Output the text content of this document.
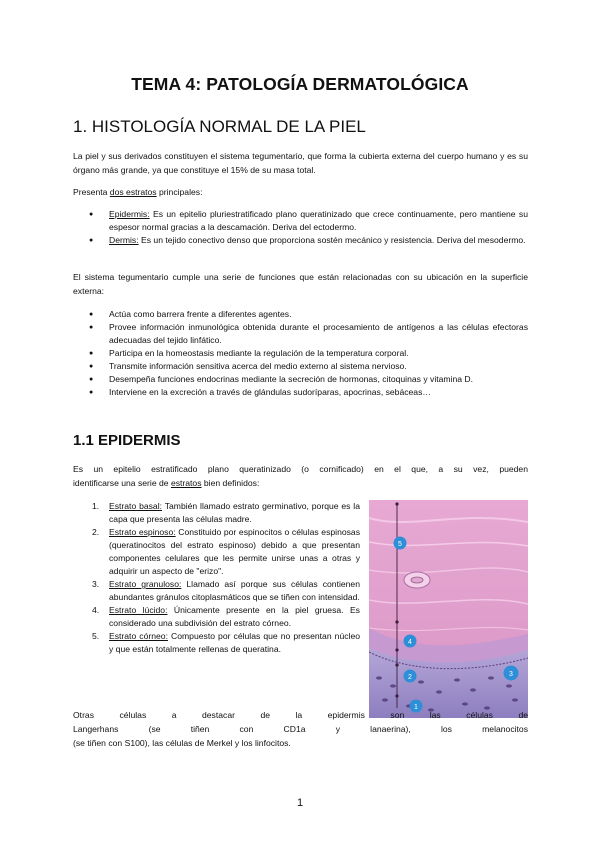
TEMA 4: PATOLOGÍA DERMATOLÓGICA
1. HISTOLOGÍA NORMAL DE LA PIEL

La piel y sus derivados constituyen el sistema tegumentario, que forma la cubierta externa del cuerpo humano y es su órgano más grande, ya que constituye el 15% de su masa total.

Presenta dos estratos principales:

● Epidermis: Es un epitelio pluriestratificado plano queratinizado que crece continuamente, pero mantiene su espesor normal gracias a la descamación. Deriva del ectodermo.
● Dermis: Es un tejido conectivo denso que proporciona sostén mecánico y resistencia. Deriva del mesodermo.

El sistema tegumentario cumple una serie de funciones que están relacionadas con su ubicación en la superficie externa:

● Actúa como barrera frente a diferentes agentes.
● Provee información inmunológica obtenida durante el procesamiento de antígenos a las células efectoras adecuadas del tejido linfático.
● Participa en la homeostasis mediante la regulación de la temperatura corporal.
● Transmite información sensitiva acerca del medio externo al sistema nervioso.
● Desempeña funciones endocrinas mediante la secreción de hormonas, citoquinas y vitamina D.
● Interviene en la excreción a través de glándulas sudoríparas, apocrinas, sebáceas…
1.1 EPIDERMIS

Es un epitelio estratificado plano queratinizado (o cornificado) en el que, a su vez, pueden

identificarse una serie de estratos bien definidos:

1. Estrato basal: También llamado estrato germinativo, porque es la capa que presenta las células madre.
2. Estrato espinoso: Constituido por espinocitos o células espinosas (queratinocitos del estrato espinoso) debido a que presentan componentes celulares que les permite unirse unas a otras y adquirir un aspecto de "erizo".
3. Estrato granuloso: Llamado así porque sus células contienen abundantes gránulos citoplasmáticos que se tiñen con intensidad.
4. Estrato lúcido: Únicamente presente en la piel gruesa. Es considerado una subdivisión del estrato córneo.
5. Estrato córneo: Compuesto por células que no presentan núcleo y que están totalmente rellenas de queratina.
5
4
2	3
1

Otras células a destacar de la epidermis son las células de

Langerhans (se tiñen con CD1a y lanaerina), los melanocitos

(se tiñen con S100), las células de Merkel y los linfocitos.

1
